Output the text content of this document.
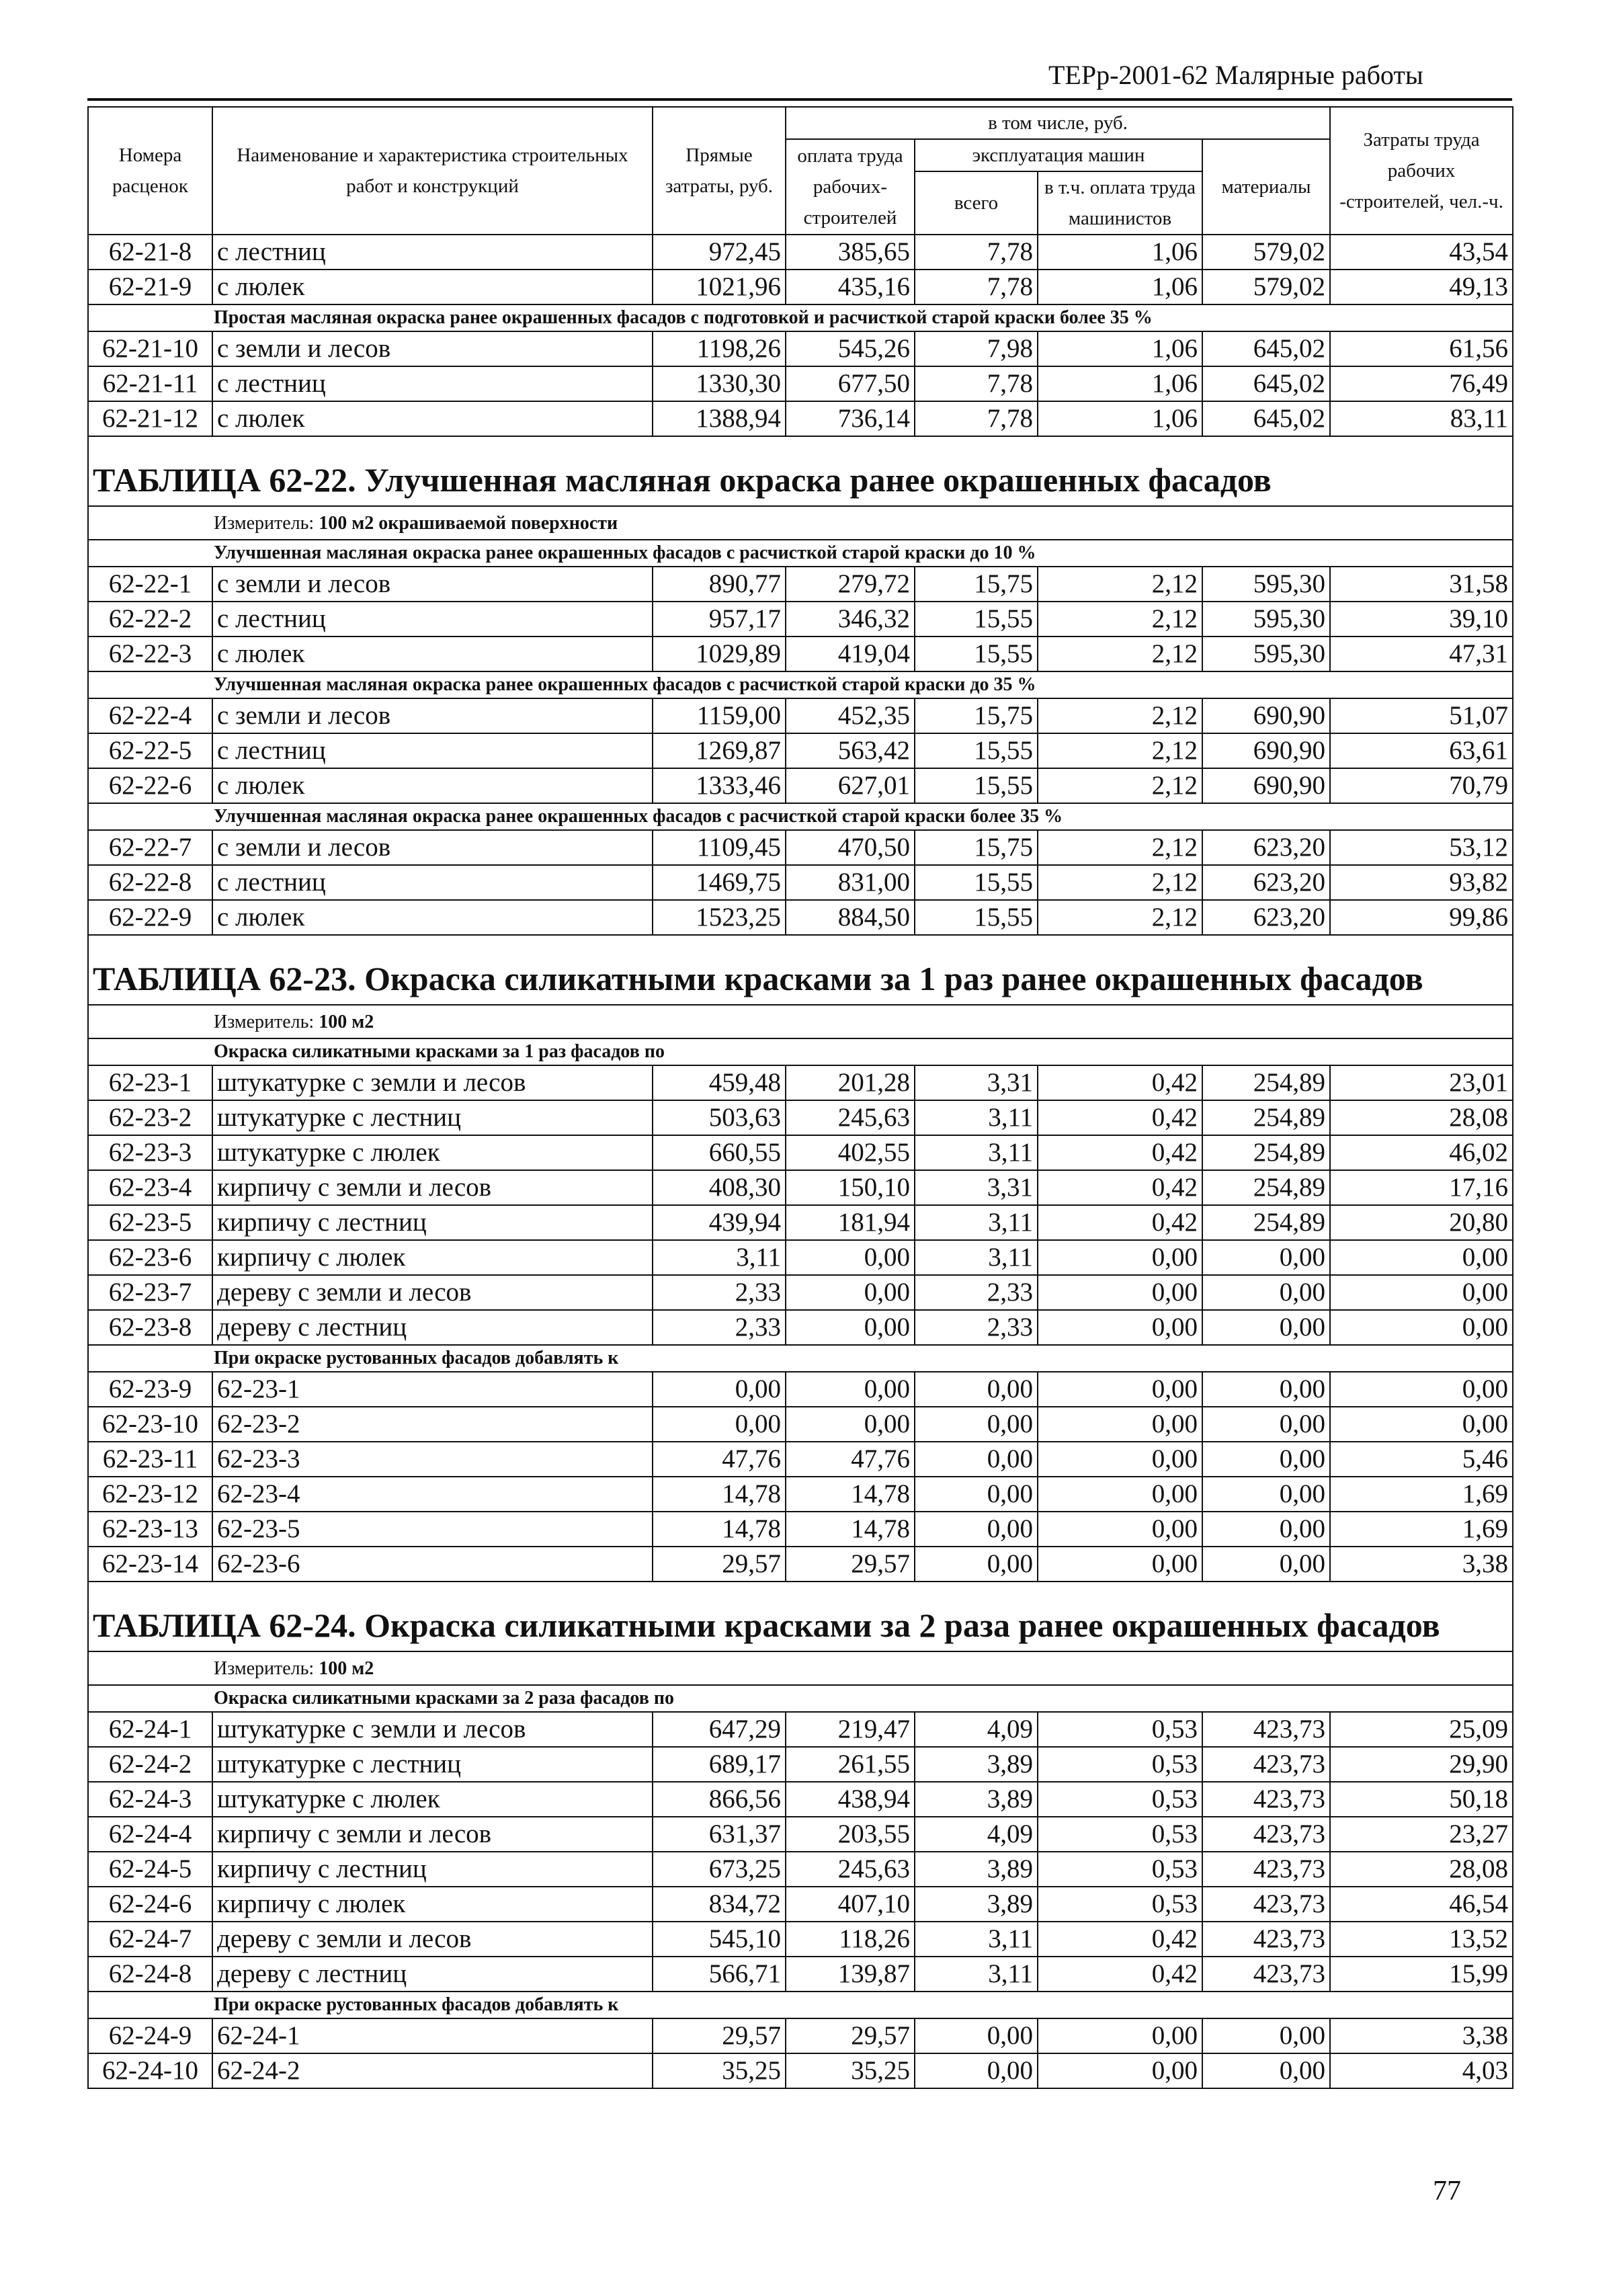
ТЕРр-2001-62 Малярные работы
Номера расценок	Наименование и характеристика строительных работ и конструкций	Прямые затраты, руб.	в том числе, руб.				Затраты труда рабочих -строителей, чел.-ч.
			оплата труда рабочих-строителей	эксплуатация машин		материалы	
				всего	в т.ч. оплата труда машинистов		
62-21-8	с лестниц	972,45	385,65	7,78	1,06	579,02	43,54
62-21-9	с люлек	1021,96	435,16	7,78	1,06	579,02	49,13
Простая масляная окраска ранее окрашенных фасадов с подготовкой и расчисткой старой краски более 35 %							
62-21-10	с земли и лесов	1198,26	545,26	7,98	1,06	645,02	61,56
62-21-11	с лестниц	1330,30	677,50	7,78	1,06	645,02	76,49
62-21-12	с люлек	1388,94	736,14	7,78	1,06	645,02	83,11
ТАБЛИЦА 62-22. Улучшенная масляная окраска ранее окрашенных фасадов							
Измеритель: 100 м2 окрашиваемой поверхности							
Улучшенная масляная окраска ранее окрашенных фасадов с расчисткой старой краски до 10 %							
62-22-1	с земли и лесов	890,77	279,72	15,75	2,12	595,30	31,58
62-22-2	с лестниц	957,17	346,32	15,55	2,12	595,30	39,10
62-22-3	с люлек	1029,89	419,04	15,55	2,12	595,30	47,31
Улучшенная масляная окраска ранее окрашенных фасадов с расчисткой старой краски до 35 %							
62-22-4	с земли и лесов	1159,00	452,35	15,75	2,12	690,90	51,07
62-22-5	с лестниц	1269,87	563,42	15,55	2,12	690,90	63,61
62-22-6	с люлек	1333,46	627,01	15,55	2,12	690,90	70,79
Улучшенная масляная окраска ранее окрашенных фасадов с расчисткой старой краски более 35 %							
62-22-7	с земли и лесов	1109,45	470,50	15,75	2,12	623,20	53,12
62-22-8	с лестниц	1469,75	831,00	15,55	2,12	623,20	93,82
62-22-9	с люлек	1523,25	884,50	15,55	2,12	623,20	99,86
ТАБЛИЦА 62-23. Окраска силикатными красками за 1 раз ранее окрашенных фасадов							
Измеритель: 100 м2							
Окраска силикатными красками за 1 раз фасадов по							
62-23-1	штукатурке с земли и лесов	459,48	201,28	3,31	0,42	254,89	23,01
62-23-2	штукатурке с лестниц	503,63	245,63	3,11	0,42	254,89	28,08
62-23-3	штукатурке с люлек	660,55	402,55	3,11	0,42	254,89	46,02
62-23-4	кирпичу с земли и лесов	408,30	150,10	3,31	0,42	254,89	17,16
62-23-5	кирпичу с лестниц	439,94	181,94	3,11	0,42	254,89	20,80
62-23-6	кирпичу с люлек	3,11	0,00	3,11	0,00	0,00	0,00
62-23-7	дереву с земли и лесов	2,33	0,00	2,33	0,00	0,00	0,00
62-23-8	дереву с лестниц	2,33	0,00	2,33	0,00	0,00	0,00
При окраске рустованных фасадов добавлять к							
62-23-9	62-23-1	0,00	0,00	0,00	0,00	0,00	0,00
62-23-10	62-23-2	0,00	0,00	0,00	0,00	0,00	0,00
62-23-11	62-23-3	47,76	47,76	0,00	0,00	0,00	5,46
62-23-12	62-23-4	14,78	14,78	0,00	0,00	0,00	1,69
62-23-13	62-23-5	14,78	14,78	0,00	0,00	0,00	1,69
62-23-14	62-23-6	29,57	29,57	0,00	0,00	0,00	3,38
ТАБЛИЦА 62-24. Окраска силикатными красками за 2 раза ранее окрашенных фасадов							
Измеритель: 100 м2							
Окраска силикатными красками за 2 раза фасадов по							
62-24-1	штукатурке с земли и лесов	647,29	219,47	4,09	0,53	423,73	25,09
62-24-2	штукатурке с лестниц	689,17	261,55	3,89	0,53	423,73	29,90
62-24-3	штукатурке с люлек	866,56	438,94	3,89	0,53	423,73	50,18
62-24-4	кирпичу с земли и лесов	631,37	203,55	4,09	0,53	423,73	23,27
62-24-5	кирпичу с лестниц	673,25	245,63	3,89	0,53	423,73	28,08
62-24-6	кирпичу с люлек	834,72	407,10	3,89	0,53	423,73	46,54
62-24-7	дереву с земли и лесов	545,10	118,26	3,11	0,42	423,73	13,52
62-24-8	дереву с лестниц	566,71	139,87	3,11	0,42	423,73	15,99
При окраске рустованных фасадов добавлять к							
62-24-9	62-24-1	29,57	29,57	0,00	0,00	0,00	3,38
62-24-10	62-24-2	35,25	35,25	0,00	0,00	0,00	4,03
77
